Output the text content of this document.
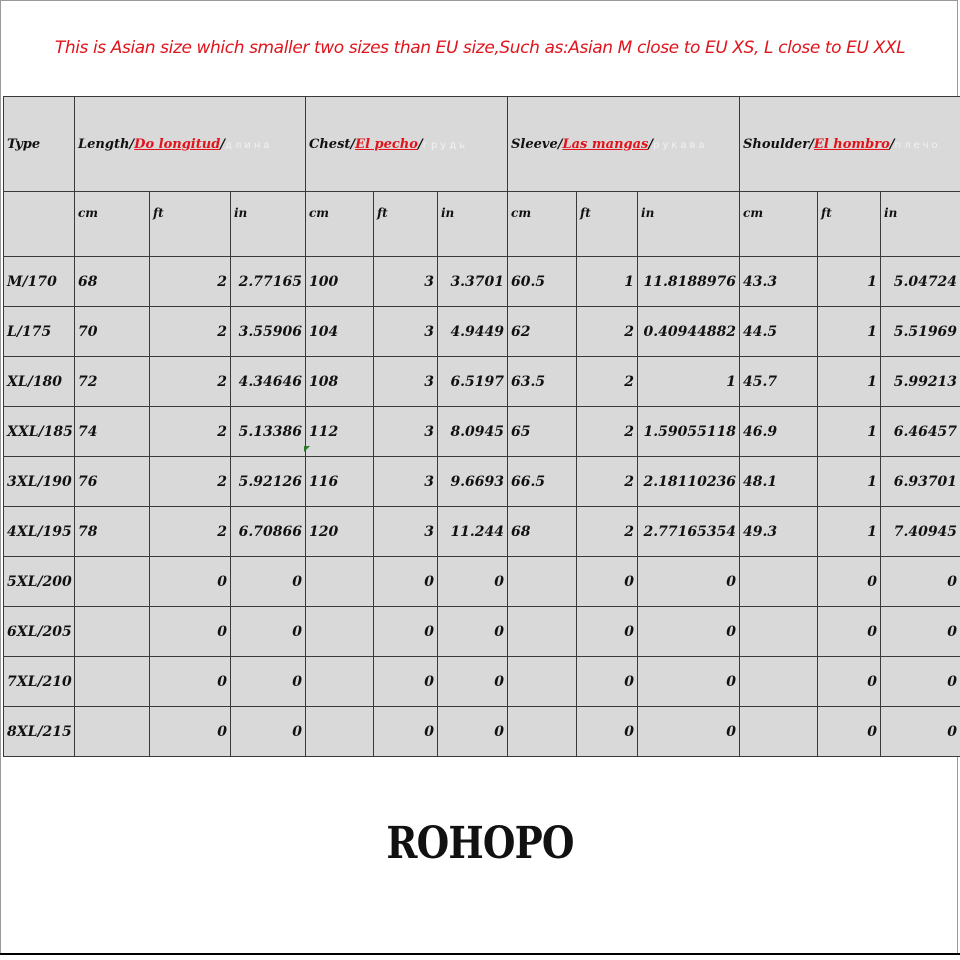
This is Asian size which smaller two sizes than EU size,Such as:Asian M close to EU XS, L close to EU XXL
Type	Length/Do longitud/длина			Chest/El pecho/грудь			Sleeve/Las mangas/рукава			Shoulder/El hombro/плечо		
	cm	ft	in	cm	ft	in	cm	ft	in	cm	ft	in
M/170	68	2	2.77165	100	3	3.3701	60.5	1	11.8188976	43.3	1	5.04724
L/175	70	2	3.55906	104	3	4.9449	62	2	0.40944882	44.5	1	5.51969
XL/180	72	2	4.34646	108	3	6.5197	63.5	2	1	45.7	1	5.99213
XXL/185	74	2	5.13386	112	3	8.0945	65	2	1.59055118	46.9	1	6.46457
3XL/190	76	2	5.92126	116	3	9.6693	66.5	2	2.18110236	48.1	1	6.93701
4XL/195	78	2	6.70866	120	3	11.244	68	2	2.77165354	49.3	1	7.40945
5XL/200		0	0		0	0		0	0		0	0
6XL/205		0	0		0	0		0	0		0	0
7XL/210		0	0		0	0		0	0		0	0
8XL/215		0	0		0	0		0	0		0	0
ROHOPO
